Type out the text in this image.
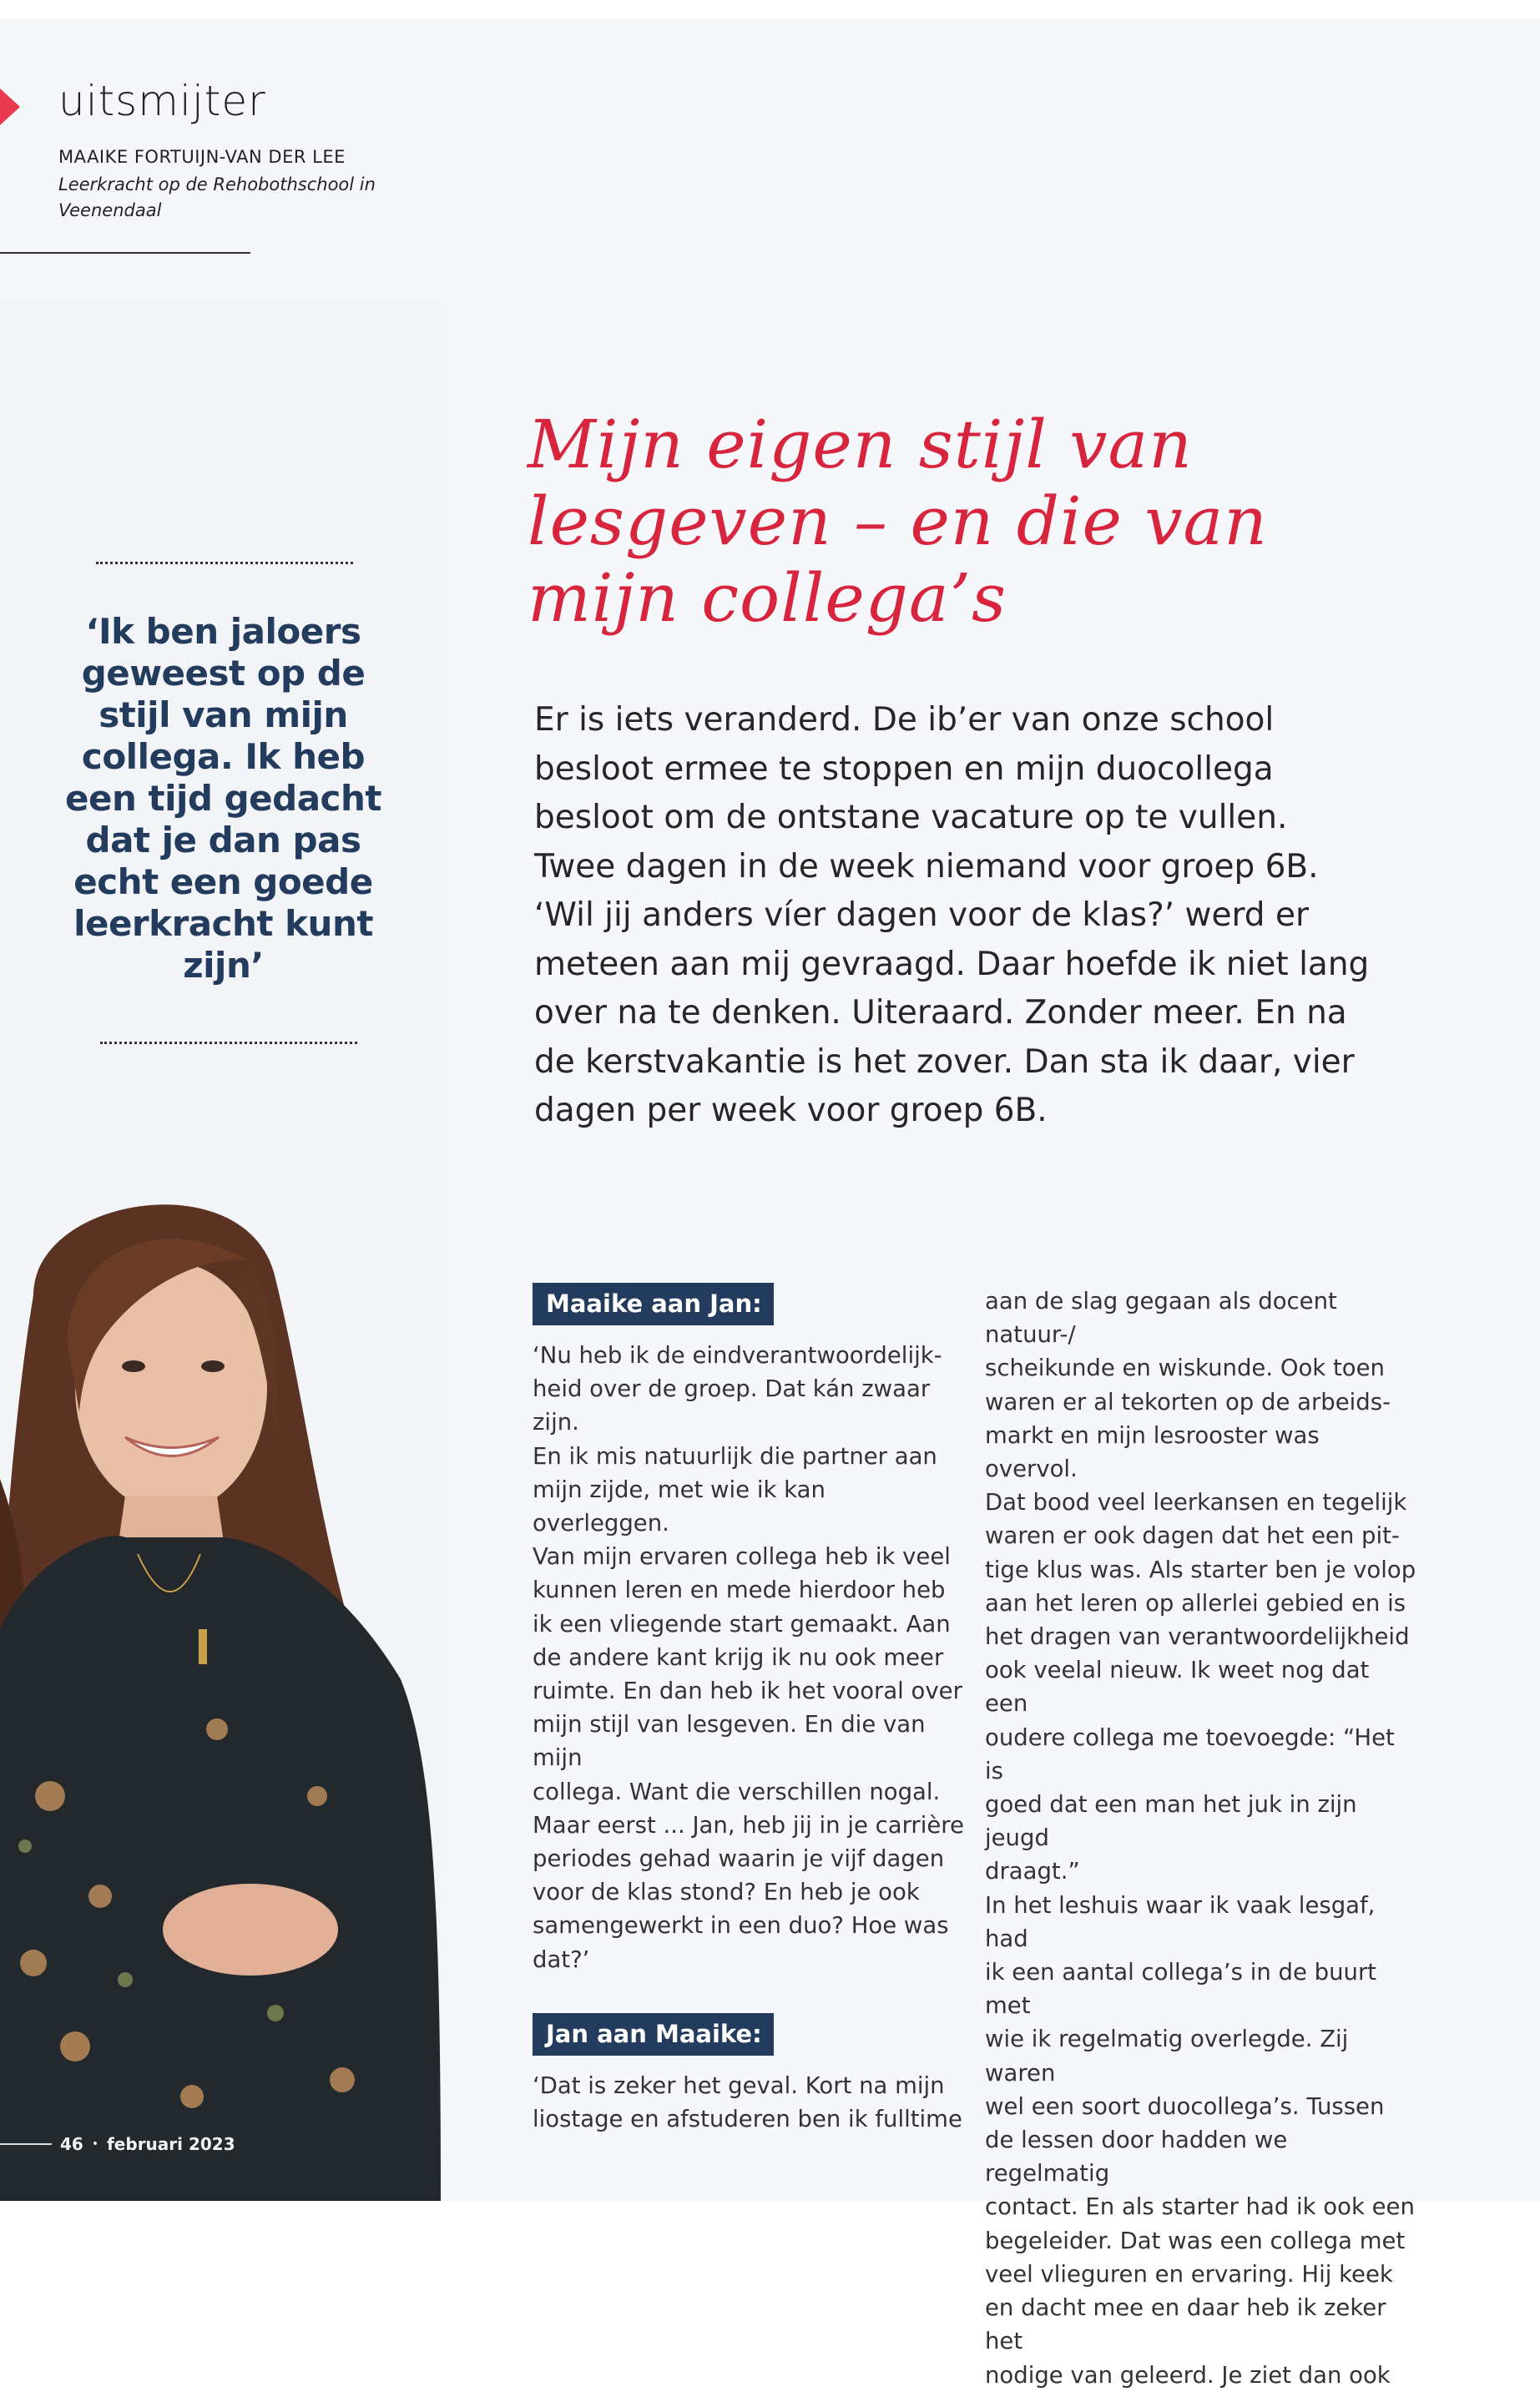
uitsmijter
MAAIKE FORTUIJN-VAN DER LEE
Leerkracht op de Rehobothschool in Veenendaal
‘Ik ben jaloers geweest op de stijl van mijn collega. Ik heb een tijd gedacht dat je dan pas echt een goede leerkracht kunt zijn’
46 • februari 2023
Mijn eigen stijl van
lesgeven – en die van
mijn collega’s
Er is iets veranderd. De ib’er van onze school
besloot ermee te stoppen en mijn duocollega
besloot om de ontstane vacature op te vullen.
Twee dagen in de week niemand voor groep 6B.
‘Wil jij anders víer dagen voor de klas?’ werd er
meteen aan mij gevraagd. Daar hoefde ik niet lang
over na te denken. Uiteraard. Zonder meer. En na
de kerstvakantie is het zover. Dan sta ik daar, vier
dagen per week voor groep 6B.
Maaike aan Jan:
‘Nu heb ik de eindverantwoordelijk-
heid over de groep. Dat kán zwaar zijn.
En ik mis natuurlijk die partner aan
mijn zijde, met wie ik kan overleggen.
Van mijn ervaren collega heb ik veel
kunnen leren en mede hierdoor heb
ik een vliegende start gemaakt. Aan
de andere kant krijg ik nu ook meer
ruimte. En dan heb ik het vooral over
mijn stijl van lesgeven. En die van mijn
collega. Want die verschillen nogal.
Maar eerst ... Jan, heb jij in je carrière
periodes gehad waarin je vijf dagen
voor de klas stond? En heb je ook
samengewerkt in een duo? Hoe was
dat?’
Jan aan Maaike:
‘Dat is zeker het geval. Kort na mijn
liostage en afstuderen ben ik fulltime
aan de slag gegaan als docent natuur-/
scheikunde en wiskunde. Ook toen
waren er al tekorten op de arbeids-
markt en mijn lesrooster was overvol.
Dat bood veel leerkansen en tegelijk
waren er ook dagen dat het een pit-
tige klus was. Als starter ben je volop
aan het leren op allerlei gebied en is
het dragen van verantwoordelijkheid
ook veelal nieuw. Ik weet nog dat een
oudere collega me toevoegde: “Het is
goed dat een man het juk in zijn jeugd
draagt.”
In het leshuis waar ik vaak lesgaf, had
ik een aantal collega’s in de buurt met
wie ik regelmatig overlegde. Zij waren
wel een soort duocollega’s. Tussen
de lessen door hadden we regelmatig
contact. En als starter had ik ook een
begeleider. Dat was een collega met
veel vlieguren en ervaring. Hij keek
en dacht mee en daar heb ik zeker het
nodige van geleerd. Je ziet dan ook
